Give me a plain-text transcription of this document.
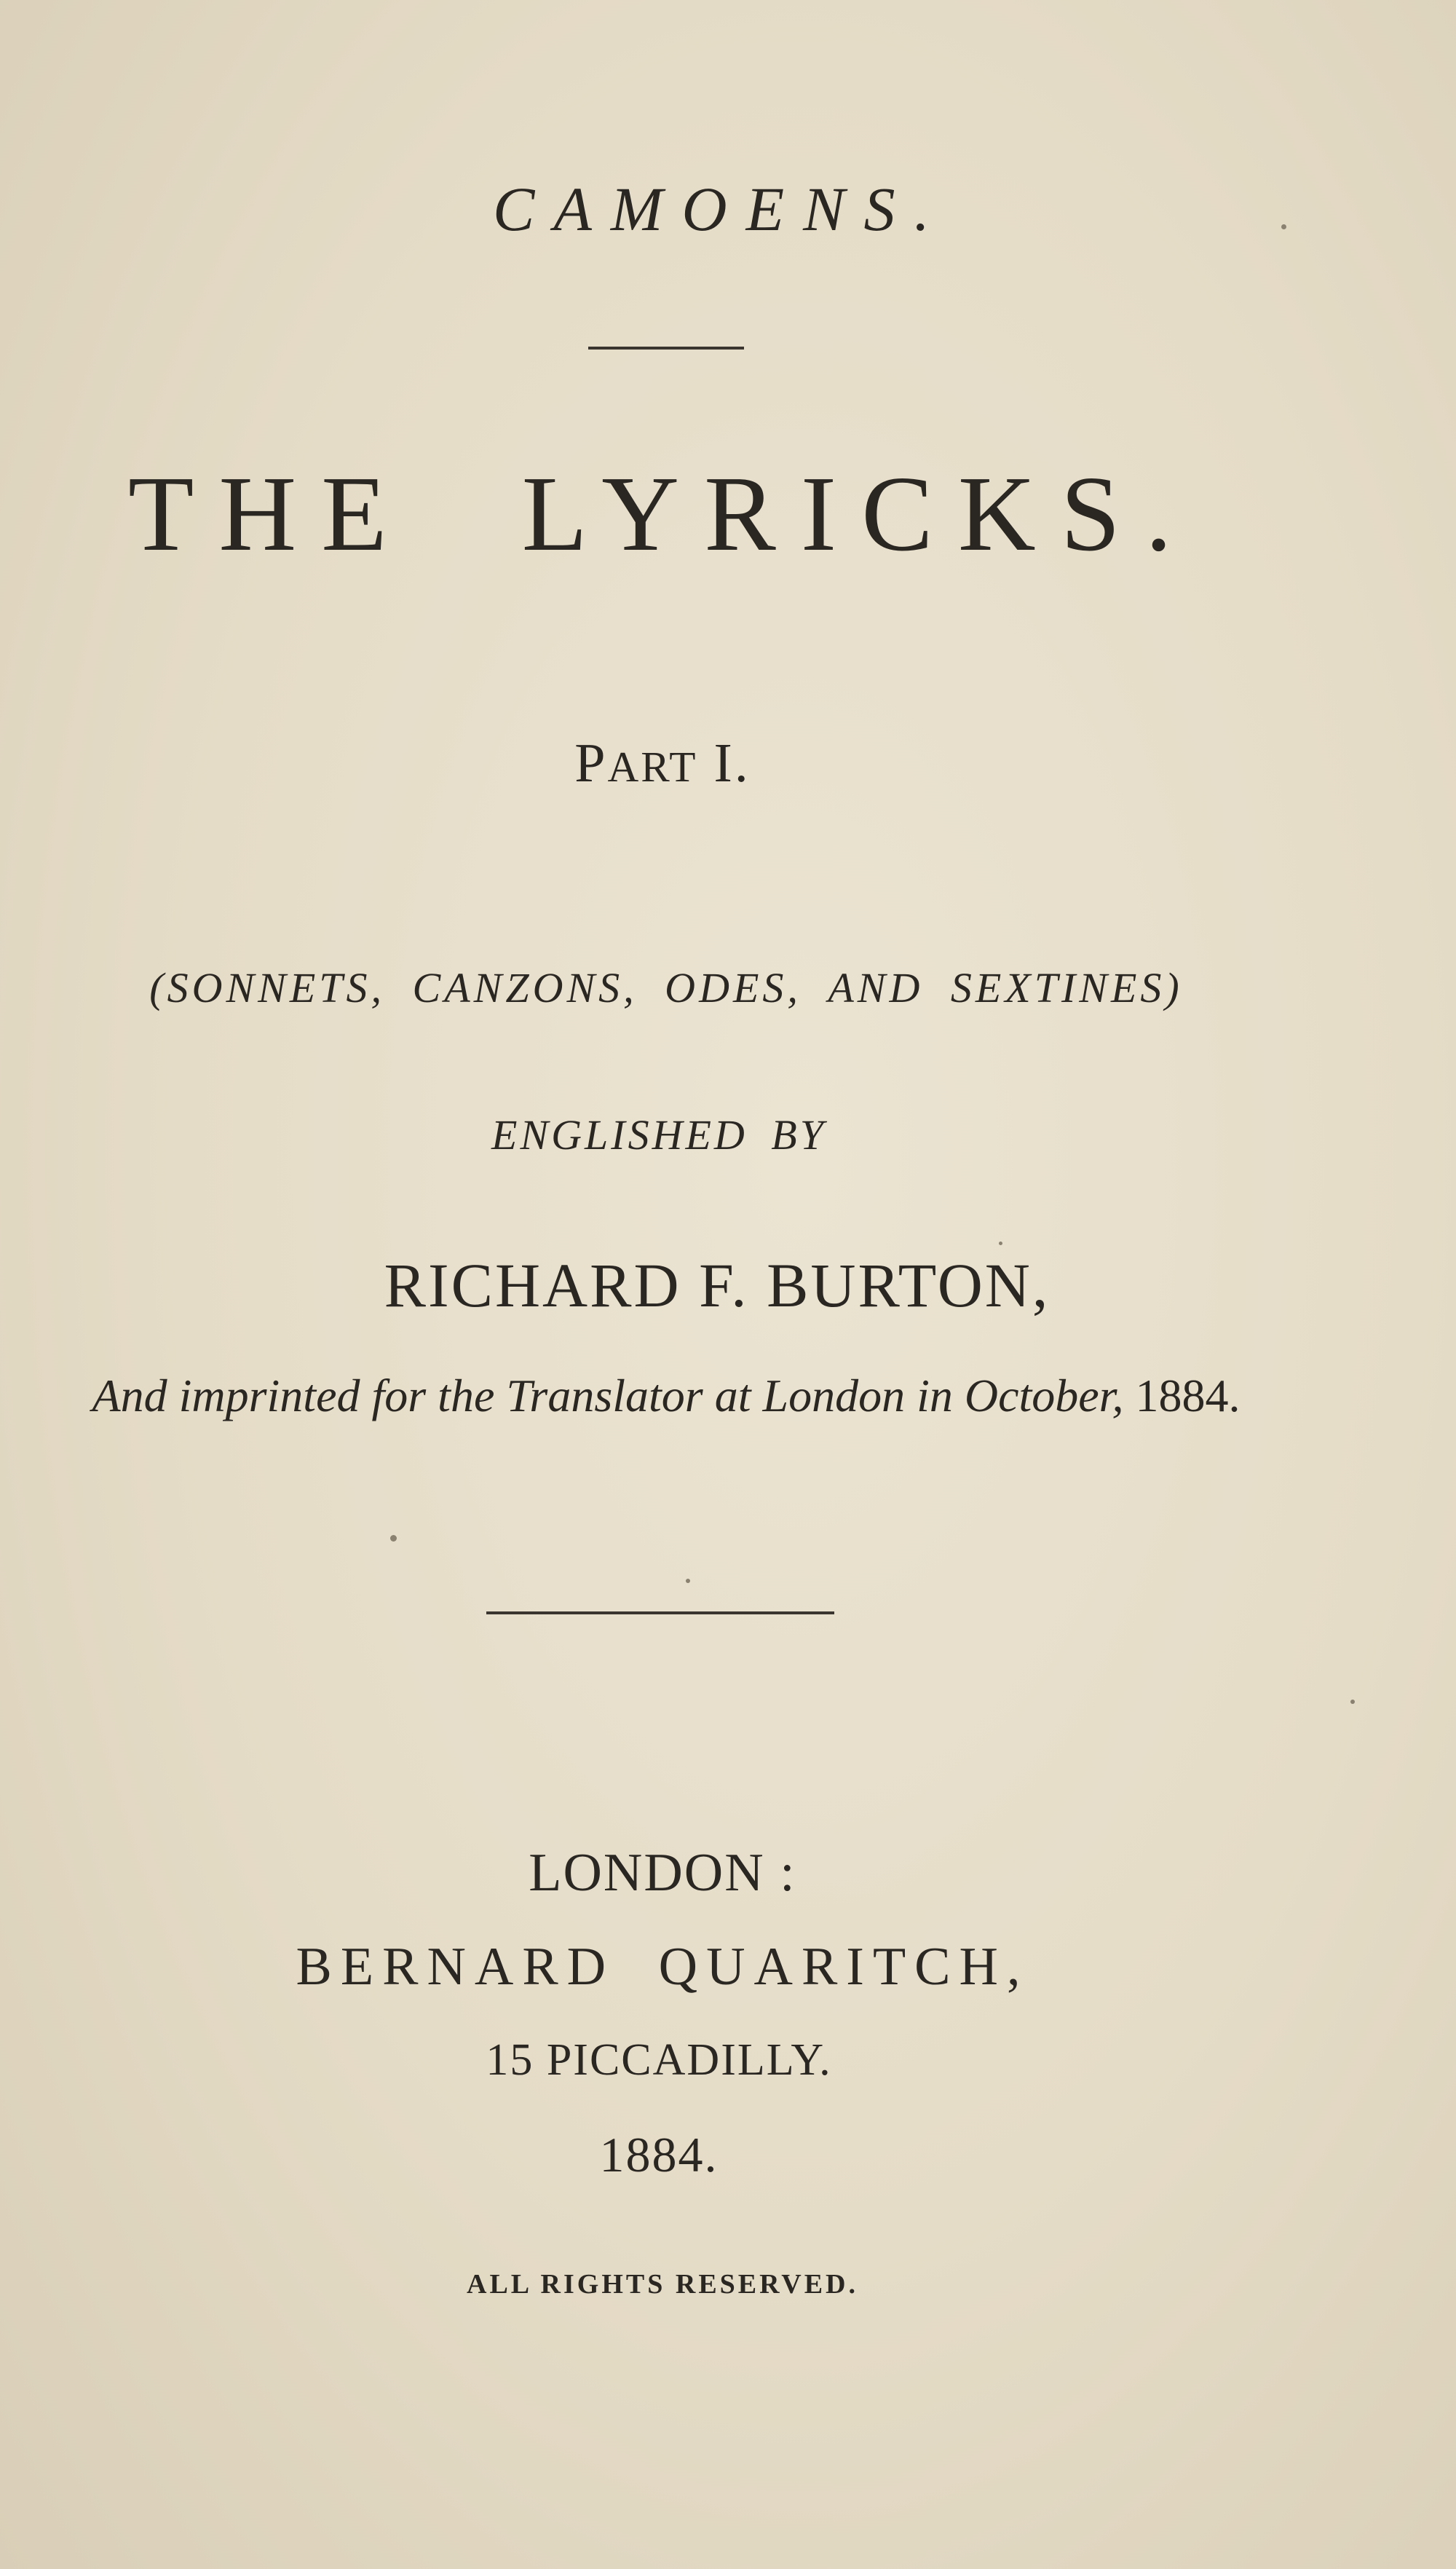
CAMOENS.
THE LYRICKS.
PART I.
(SONNETS, CANZONS, ODES, AND SEXTINES)
ENGLISHED BY
RICHARD F. BURTON,
And imprinted for the Translator at London in October, 1884.
LONDON :
BERNARD QUARITCH,
15 PICCADILLY.
1884.
ALL RIGHTS RESERVED.
